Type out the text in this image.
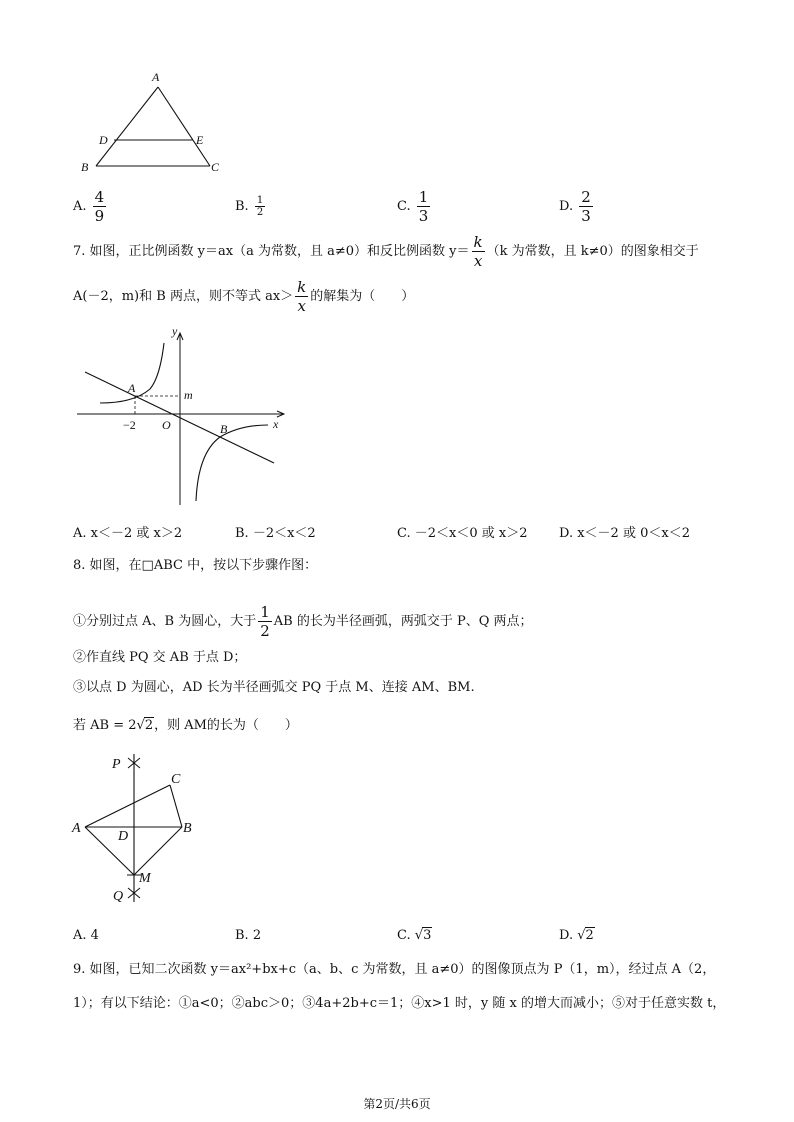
A
D	E
B	C
A. $\frac{4}{9}$	B. $\frac{1}{2}$	C. $\frac{1}{3}$	D. $\frac{2}{3}$
7. 如图，正比例函数 y＝ax（a 为常数，且 a≠0）和反比例函数 $y= \frac{k}{x} (k$ 为常数，且 k≠0）的图象相交于
A(－2，m)和 B 两点，则不等式 $ax> \frac{k}{x}$ 的解集为（　　）
y
x
A	m
−2 O	B
A. x＜－2 或 x＞2	B. －2＜x＜2	C. －2＜x＜0 或 x＞2 D. x＜－2 或 0＜x＜2
8. 如图，在□ABC 中，按以下步骤作图：
①分别过点 A、B 为圆心，大于 $\frac{1}{2}$ AB 的长为半径画弧，两弧交于 P、Q 两点；
②作直线 PQ 交 AB 于点 D；
③以点 D 为圆心，AD 长为半径画弧交 PQ 于点 M、连接 AM、BM.
若 AB = 2√2，则 AM的长为（　　）
P
C
A
D
B
M
Q
A. 4	B. 2	C. √3	D. √2
9. 如图，已知二次函数 y＝ax²+bx+c（a、b、c 为常数，且 a≠0）的图像顶点为 P（1，m），经过点 A（2，
1）；有以下结论：①a<0；②abc＞0；③4a+2b+c＝1；④x>1 时，y 随 x 的增大而减小；⑤对于任意实数 t，
第2页/共6页
